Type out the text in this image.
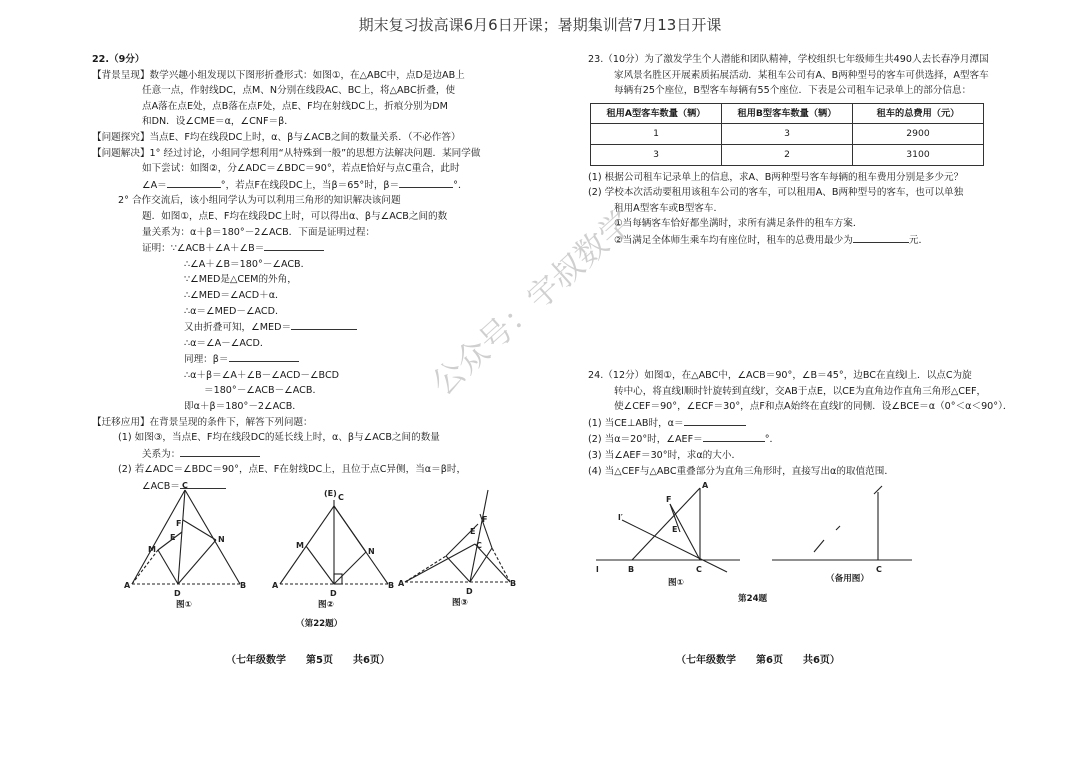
期末复习拔高课6月6日开课；暑期集训营7月13日开课
22.（9分）
【背景呈现】数学兴趣小组发现以下图形折叠形式：如图①，在△ABC中，点D是边AB上
任意一点，作射线DC，点M、N分别在线段AC、BC上，将△ABC折叠，使
点A落在点E处，点B落在点F处，点E、F均在射线DC上，折痕分别为DM
和DN．设∠CME＝α，∠CNF＝β．
【问题探究】当点E、F均在线段DC上时，α、β与∠ACB之间的数量关系．（不必作答）
【问题解决】1° 经过讨论，小组同学想利用“从特殊到一般”的思想方法解决问题．某同学做
如下尝试：如图②，分∠ADC＝∠BDC＝90°，若点E恰好与点C重合，此时
∠A＝	°，若点F在线段DC上，当β＝65°时，β＝	°．
2° 合作交流后，该小组同学认为可以利用三角形的知识解决该问题
题．如图①，点E、F均在线段DC上时，可以得出α、β与∠ACB之间的数
量关系为：α＋β＝180°－2∠ACB．下面是证明过程：
证明：∵∠ACB＋∠A＋∠B＝
∴∠A＋∠B＝180°－∠ACB．
∵∠MED是△CEM的外角，
∴∠MED＝∠ACD＋α．
∴α＝∠MED－∠ACD．
又由折叠可知，∠MED＝
∴α＝∠A－∠ACD．
同理：β＝
∴α＋β＝∠A＋∠B－∠ACD－∠BCD
＝180°－∠ACB－∠ACB．
即α＋β＝180°－2∠ACB．
【迁移应用】在背景呈现的条件下，解答下列问题：
(1) 如图③，当点E、F均在线段DC的延长线上时，α、β与∠ACB之间的数量
关系为：
(2) 若∠ADC＝∠BDC＝90°，点E、F在射线DC上，且位于点C异侧，当α＝β时，
∠ACB＝ C
A	B
D
M
N
F
E
(E) C
A	B
D
M
N
A	B
D
F
E
C
图①	图②	图③
（第22题）
23.（10分）为了激发学生个人潜能和团队精神，学校组织七年级师生共490人去长春净月潭国
家风景名胜区开展素质拓展活动．某租车公司有A、B两种型号的客车可供选择，A型客车
每辆有25个座位，B型客车每辆有55个座位．下表是公司租车记录单上的部分信息：
租用A型客车数量（辆）	租用B型客车数量（辆）	租车的总费用（元）
1	3	2900
3	2	3100
(1) 根据公司租车记录单上的信息，求A、B两种型号客车每辆的租车费用分别是多少元？
(2) 学校本次活动要租用该租车公司的客车，可以租用A、B两种型号的客车，也可以单独
租用A型客车或B型客车．
①当每辆客车恰好都坐满时，求所有满足条件的租车方案．
②当满足全体师生乘车均有座位时，租车的总费用最少为	元．
24.（12分）如图①，在△ABC中，∠ACB＝90°，∠B＝45°，边BC在直线l上．以点C为旋
转中心，将直线l顺时针旋转到直线l′，交AB于点E，以CE为直角边作直角三角形△CEF，
使∠CEF＝90°，∠ECF＝30°，点F和点A始终在直线l′的同侧．设∠BCE＝α（0°＜α＜90°）．
(1) 当CE⊥AB时，α＝
(2) 当α＝20°时，∠AEF＝	°．
(3) 当∠AEF＝30°时，求α的大小．
(4) 当△CEF与△ABC重叠部分为直角三角形时，直接写出α的取值范围．
A
F
E
B	C
l
l′
C
图①	（备用图）
第24题
公众号：宇叔数学
（七年级数学　　第5页　　共6页）	（七年级数学　　第6页　　共6页）
